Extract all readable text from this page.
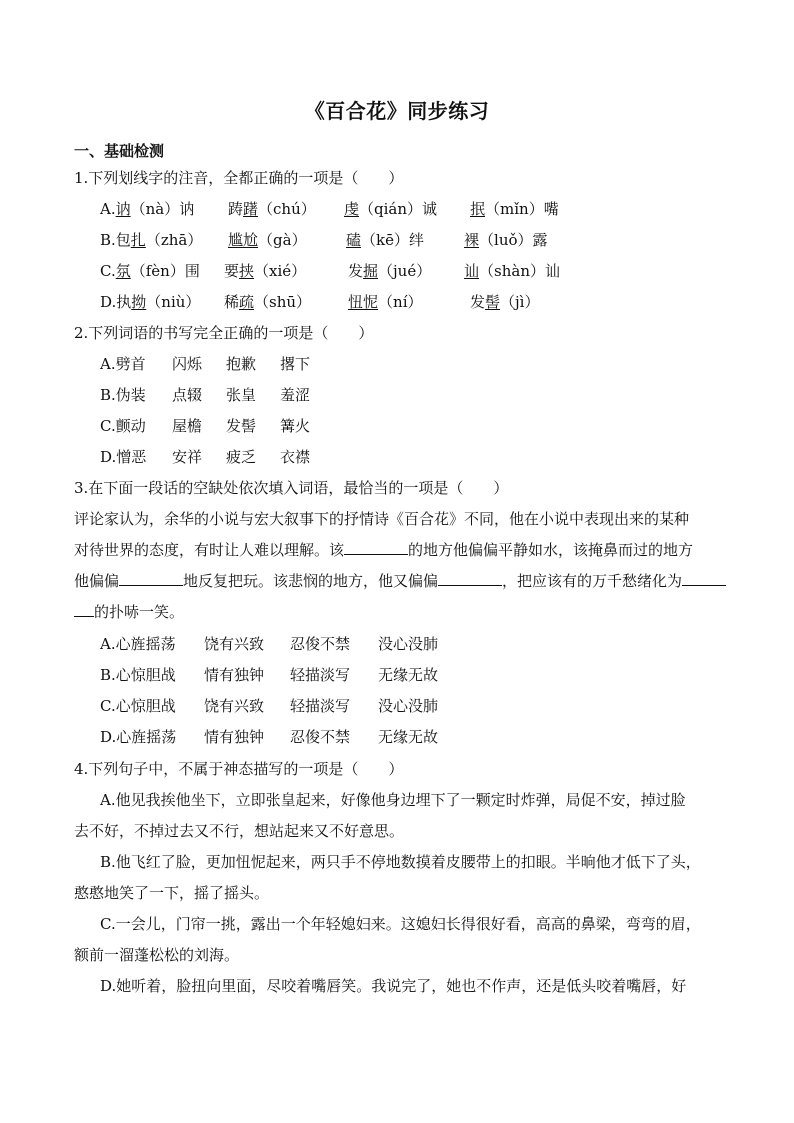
《百合花》同步练习
一、基础检测
1.下列划线字的注音，全都正确的一项是（　　）
A.讷（nà）讷 踌躇（chú） 虔（qián）诚 抿（mǐn）嘴
B.包扎（zhā） 尴尬（gà）	磕（kē）绊	裸（luǒ）露
C.氛（fèn）围 要挟（xié）	发掘（jué） 讪（shàn）讪
D.执拗（niù） 稀疏（shū） 忸怩（ní）	发髻（jì）
2.下列词语的书写完全正确的一项是（　　）
A.劈首 闪烁 抱歉 撂下
B.伪装 点辍 张皇 羞涩
C.颤动 屋檐 发髻 篝火
D.憎恶 安祥 疲乏 衣襟
3.在下面一段话的空缺处依次填入词语，最恰当的一项是（　　）
评论家认为，余华的小说与宏大叙事下的抒情诗《百合花》不同，他在小说中表现出来的某种
对待世界的态度，有时让人难以理解。该	的地方他偏偏平静如水，该掩鼻而过的地方
他偏偏	地反复把玩。该悲悯的地方，他又偏偏	，把应该有的万千愁绪化为
的扑哧一笑。
A.心旌摇荡 饶有兴致 忍俊不禁 没心没肺
B.心惊胆战 情有独钟 轻描淡写 无缘无故
C.心惊胆战 饶有兴致 轻描淡写 没心没肺
D.心旌摇荡 情有独钟 忍俊不禁 无缘无故
4.下列句子中，不属于神态描写的一项是（　　）
A.他见我挨他坐下，立即张皇起来，好像他身边埋下了一颗定时炸弹，局促不安，掉过脸
去不好，不掉过去又不行，想站起来又不好意思。
B.他飞红了脸，更加忸怩起来，两只手不停地数摸着皮腰带上的扣眼。半晌他才低下了头，
憨憨地笑了一下，摇了摇头。
C.一会儿，门帘一挑，露出一个年轻媳妇来。这媳妇长得很好看，高高的鼻梁，弯弯的眉，
额前一溜蓬松松的刘海。
D.她听着，脸扭向里面，尽咬着嘴唇笑。我说完了，她也不作声，还是低头咬着嘴唇，好
